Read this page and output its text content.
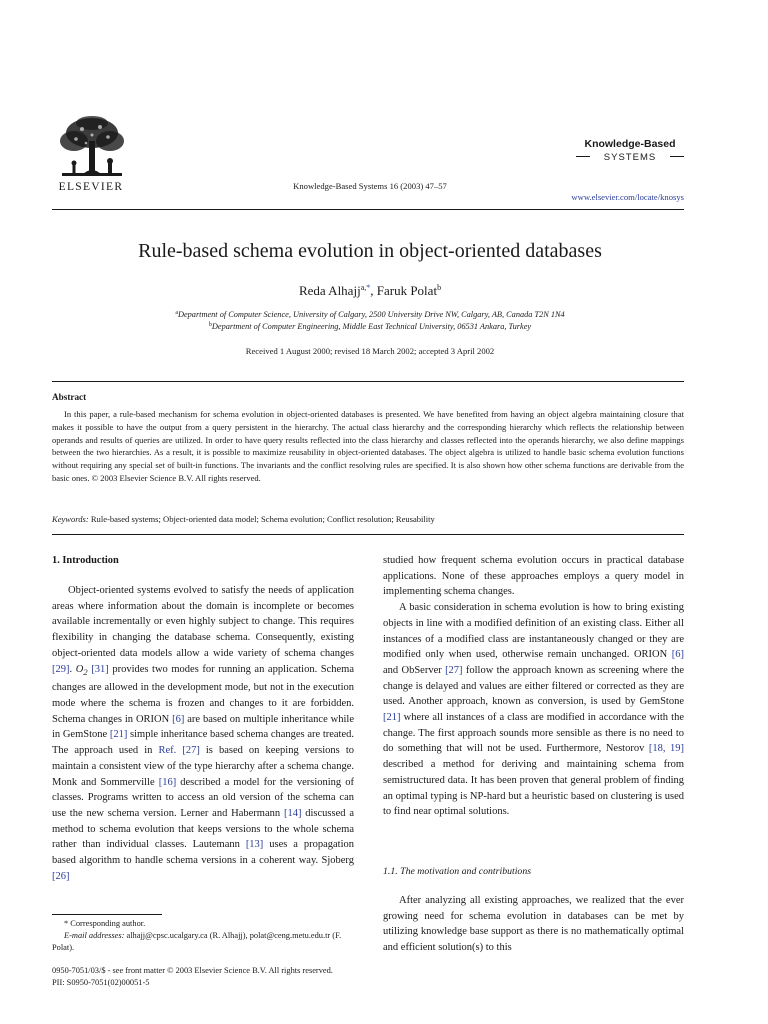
ELSEVIER	Knowledge-Based Systems 16 (2003) 47–57
Knowledge-Based
SYSTEMS
www.elsevier.com/locate/knosys
Rule-based schema evolution in object-oriented databases
Reda Alhajj$^{a,*}$, Faruk Polat$^b$
$^a$Department of Computer Science, University of Calgary, 2500 University Drive NW, Calgary, AB, Canada T2N 1N4
$^b$Department of Computer Engineering, Middle East Technical University, 06531 Ankara, Turkey
Received 1 August 2000; revised 18 March 2002; accepted 3 April 2002
Abstract
In this paper, a rule-based mechanism for schema evolution in object-oriented databases is presented. We have benefited from having an object algebra maintaining closure that makes it possible to have the output from a query persistent in the hierarchy. The actual class hierarchy and the corresponding hierarchy which reflects the relationship between operands and results of queries are utilized. In order to have query results reflected into the class hierarchy and classes reflected into the operands hierarchy, we also define mappings between the two hierarchies. As a result, it is possible to maximize reusability in object-oriented databases. The object algebra is utilized to handle basic schema evolution functions without requiring any special set of built-in functions. The invariants and the conflict resolving rules are specified. It is also shown how other schema functions are derivable from the basic ones. © 2003 Elsevier Science B.V. All rights reserved.
Keywords: Rule-based systems; Object-oriented data model; Schema evolution; Conflict resolution; Reusability
1. Introduction
Object-oriented systems evolved to satisfy the needs of application areas where information about the domain is incomplete or becomes available incrementally or even highly subject to change. This requires flexibility in changing the database schema. Consequently, existing object-oriented data models allow a wide variety of schema changes [29]. $O_2$ [31] provides two modes for running an application. Schema changes are allowed in the development mode, but not in the execution mode where the schema is frozen and changes to it are forbidden. Schema changes in ORION [6] are based on multiple inheritance while in GemStone [21] simple inheritance based schema changes are treated. The approach used in Ref. [27] is based on keeping versions to maintain a consistent view of the type hierarchy after a schema change. Monk and Sommerville [16] described a model for the versioning of classes. Programs written to access an old version of the schema can use the new schema version. Lerner and Habermann [14] discussed a method to schema evolution that keeps versions to the whole schema rather than individual classes. Lautemann [13] uses a propagation based algorithm to handle schema versions in a coherent way. Sjoberg [26]

studied how frequent schema evolution occurs in practical database applications. None of these approaches employs a query model in implementing schema changes.

A basic consideration in schema evolution is how to bring existing objects in line with a modified definition of an existing class. Either all instances of a modified class are instantaneously changed or they are modified only when used, otherwise remain unchanged. ORION [6] and ObServer [27] follow the approach known as screening where the change is delayed and values are either filtered or corrected as they are used. Another approach, known as conversion, is used by GemStone [21] where all instances of a class are modified in accordance with the change. The first approach sounds more sensible as there is no need to do something that will not be used. Furthermore, Nestorov [18, 19] described a method for deriving and maintaining schema from semistructured data. It has been proven that general problem of finding an optimal typing is NP-hard but a heuristic based on clustering is used to find near optimal solutions.

1.1. The motivation and contributions
After analyzing all existing approaches, we realized that the ever growing need for schema evolution in databases can be met by utilizing knowledge base support as there is no mathematically optimal and efficient solution(s) to this
* Corresponding author.
E-mail addresses: alhajj@cpsc.ucalgary.ca (R. Alhajj), polat@ceng.metu.edu.tr (F. Polat).
0950-7051/03/$ - see front matter © 2003 Elsevier Science B.V. All rights reserved.
PII: S0950-7051(02)00051-5
